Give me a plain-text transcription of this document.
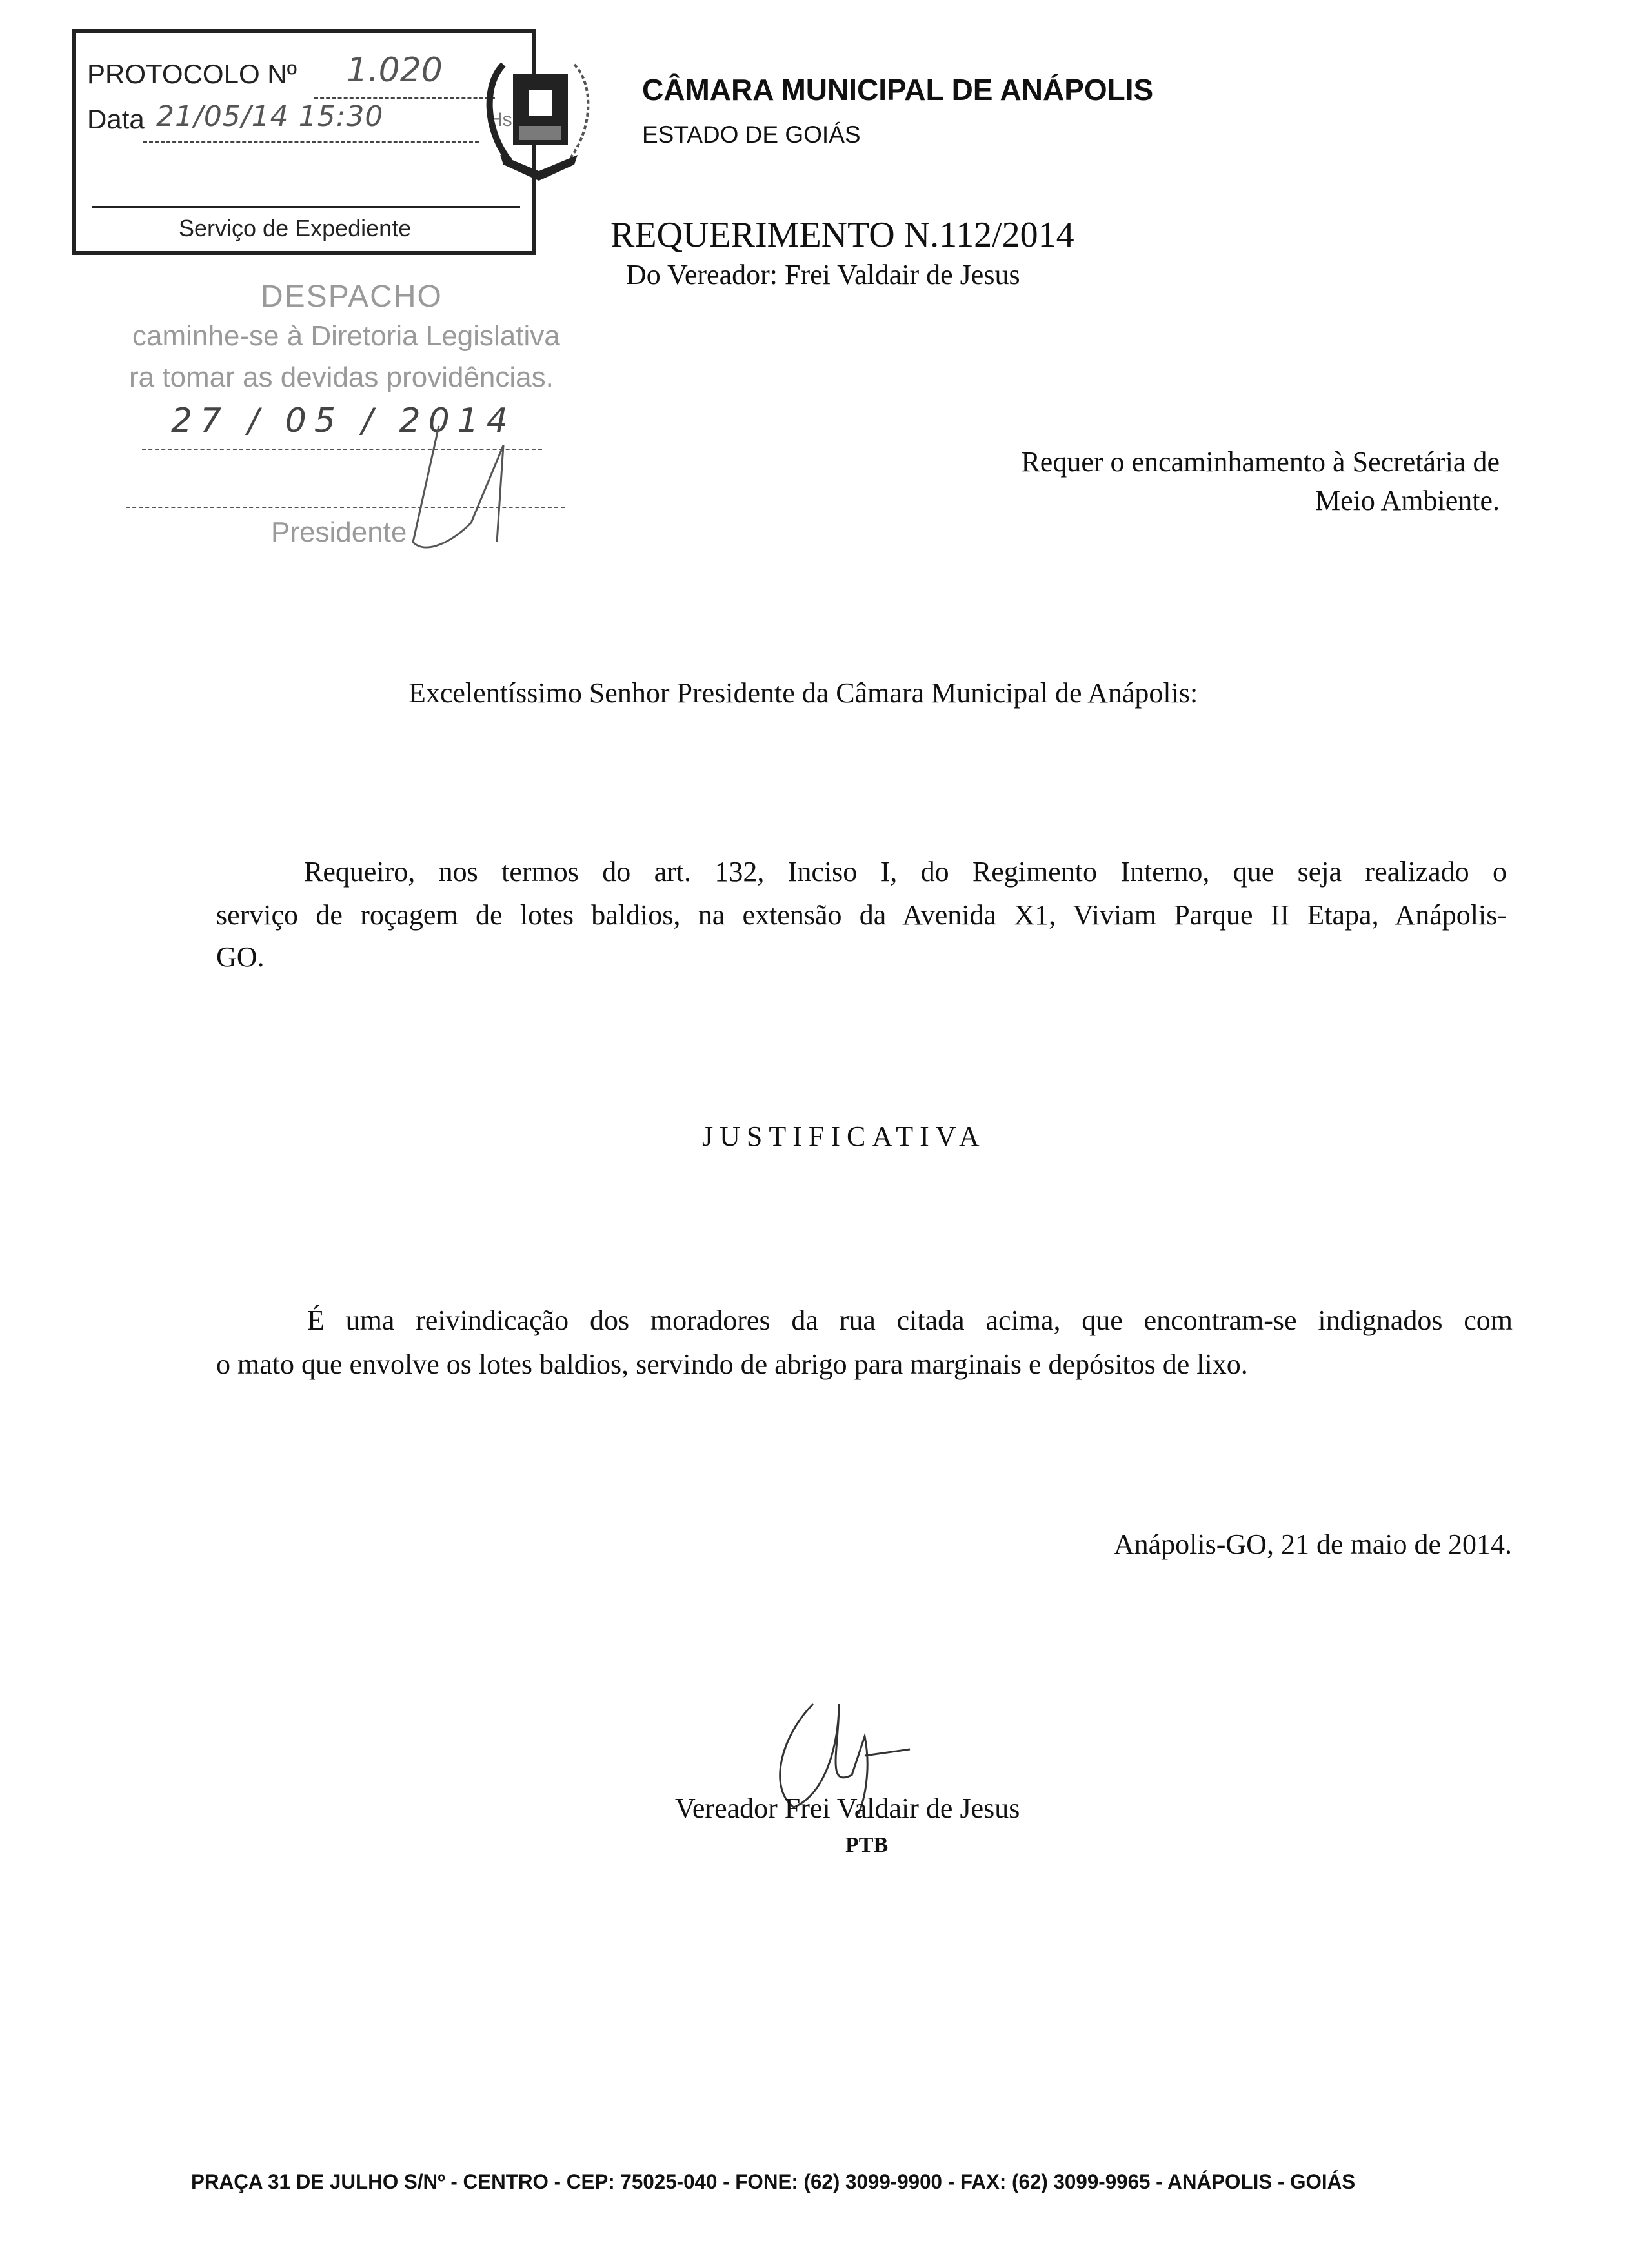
PROTOCOLO Nº 1.020
Data 21/05/14 15:30	Hs
Serviço de Expediente
CÂMARA MUNICIPAL DE ANÁPOLIS
ESTADO DE GOIÁS
REQUERIMENTO N.112/2014
Do Vereador: Frei Valdair de Jesus
DESPACHO
caminhe-se à Diretoria Legislativa
ra tomar as devidas providências.
27 / 05 / 2014
Presidente
Requer o encaminhamento à Secretária de
Meio Ambiente.
Excelentíssimo Senhor Presidente da Câmara Municipal de Anápolis:
Requeiro, nos termos do art. 132, Inciso I, do Regimento Interno, que seja realizado o
serviço de roçagem de lotes baldios, na extensão da Avenida X1, Viviam Parque II Etapa, Anápolis-
GO.
JUSTIFICATIVA
É uma reivindicação dos moradores da rua citada acima, que encontram-se indignados com
o mato que envolve os lotes baldios, servindo de abrigo para marginais e depósitos de lixo.
Anápolis-GO, 21 de maio de 2014.
Vereador Frei Valdair de Jesus
PTB
PRAÇA 31 DE JULHO S/Nº - CENTRO - CEP: 75025-040 - FONE: (62) 3099-9900 - FAX: (62) 3099-9965 - ANÁPOLIS - GOIÁS
